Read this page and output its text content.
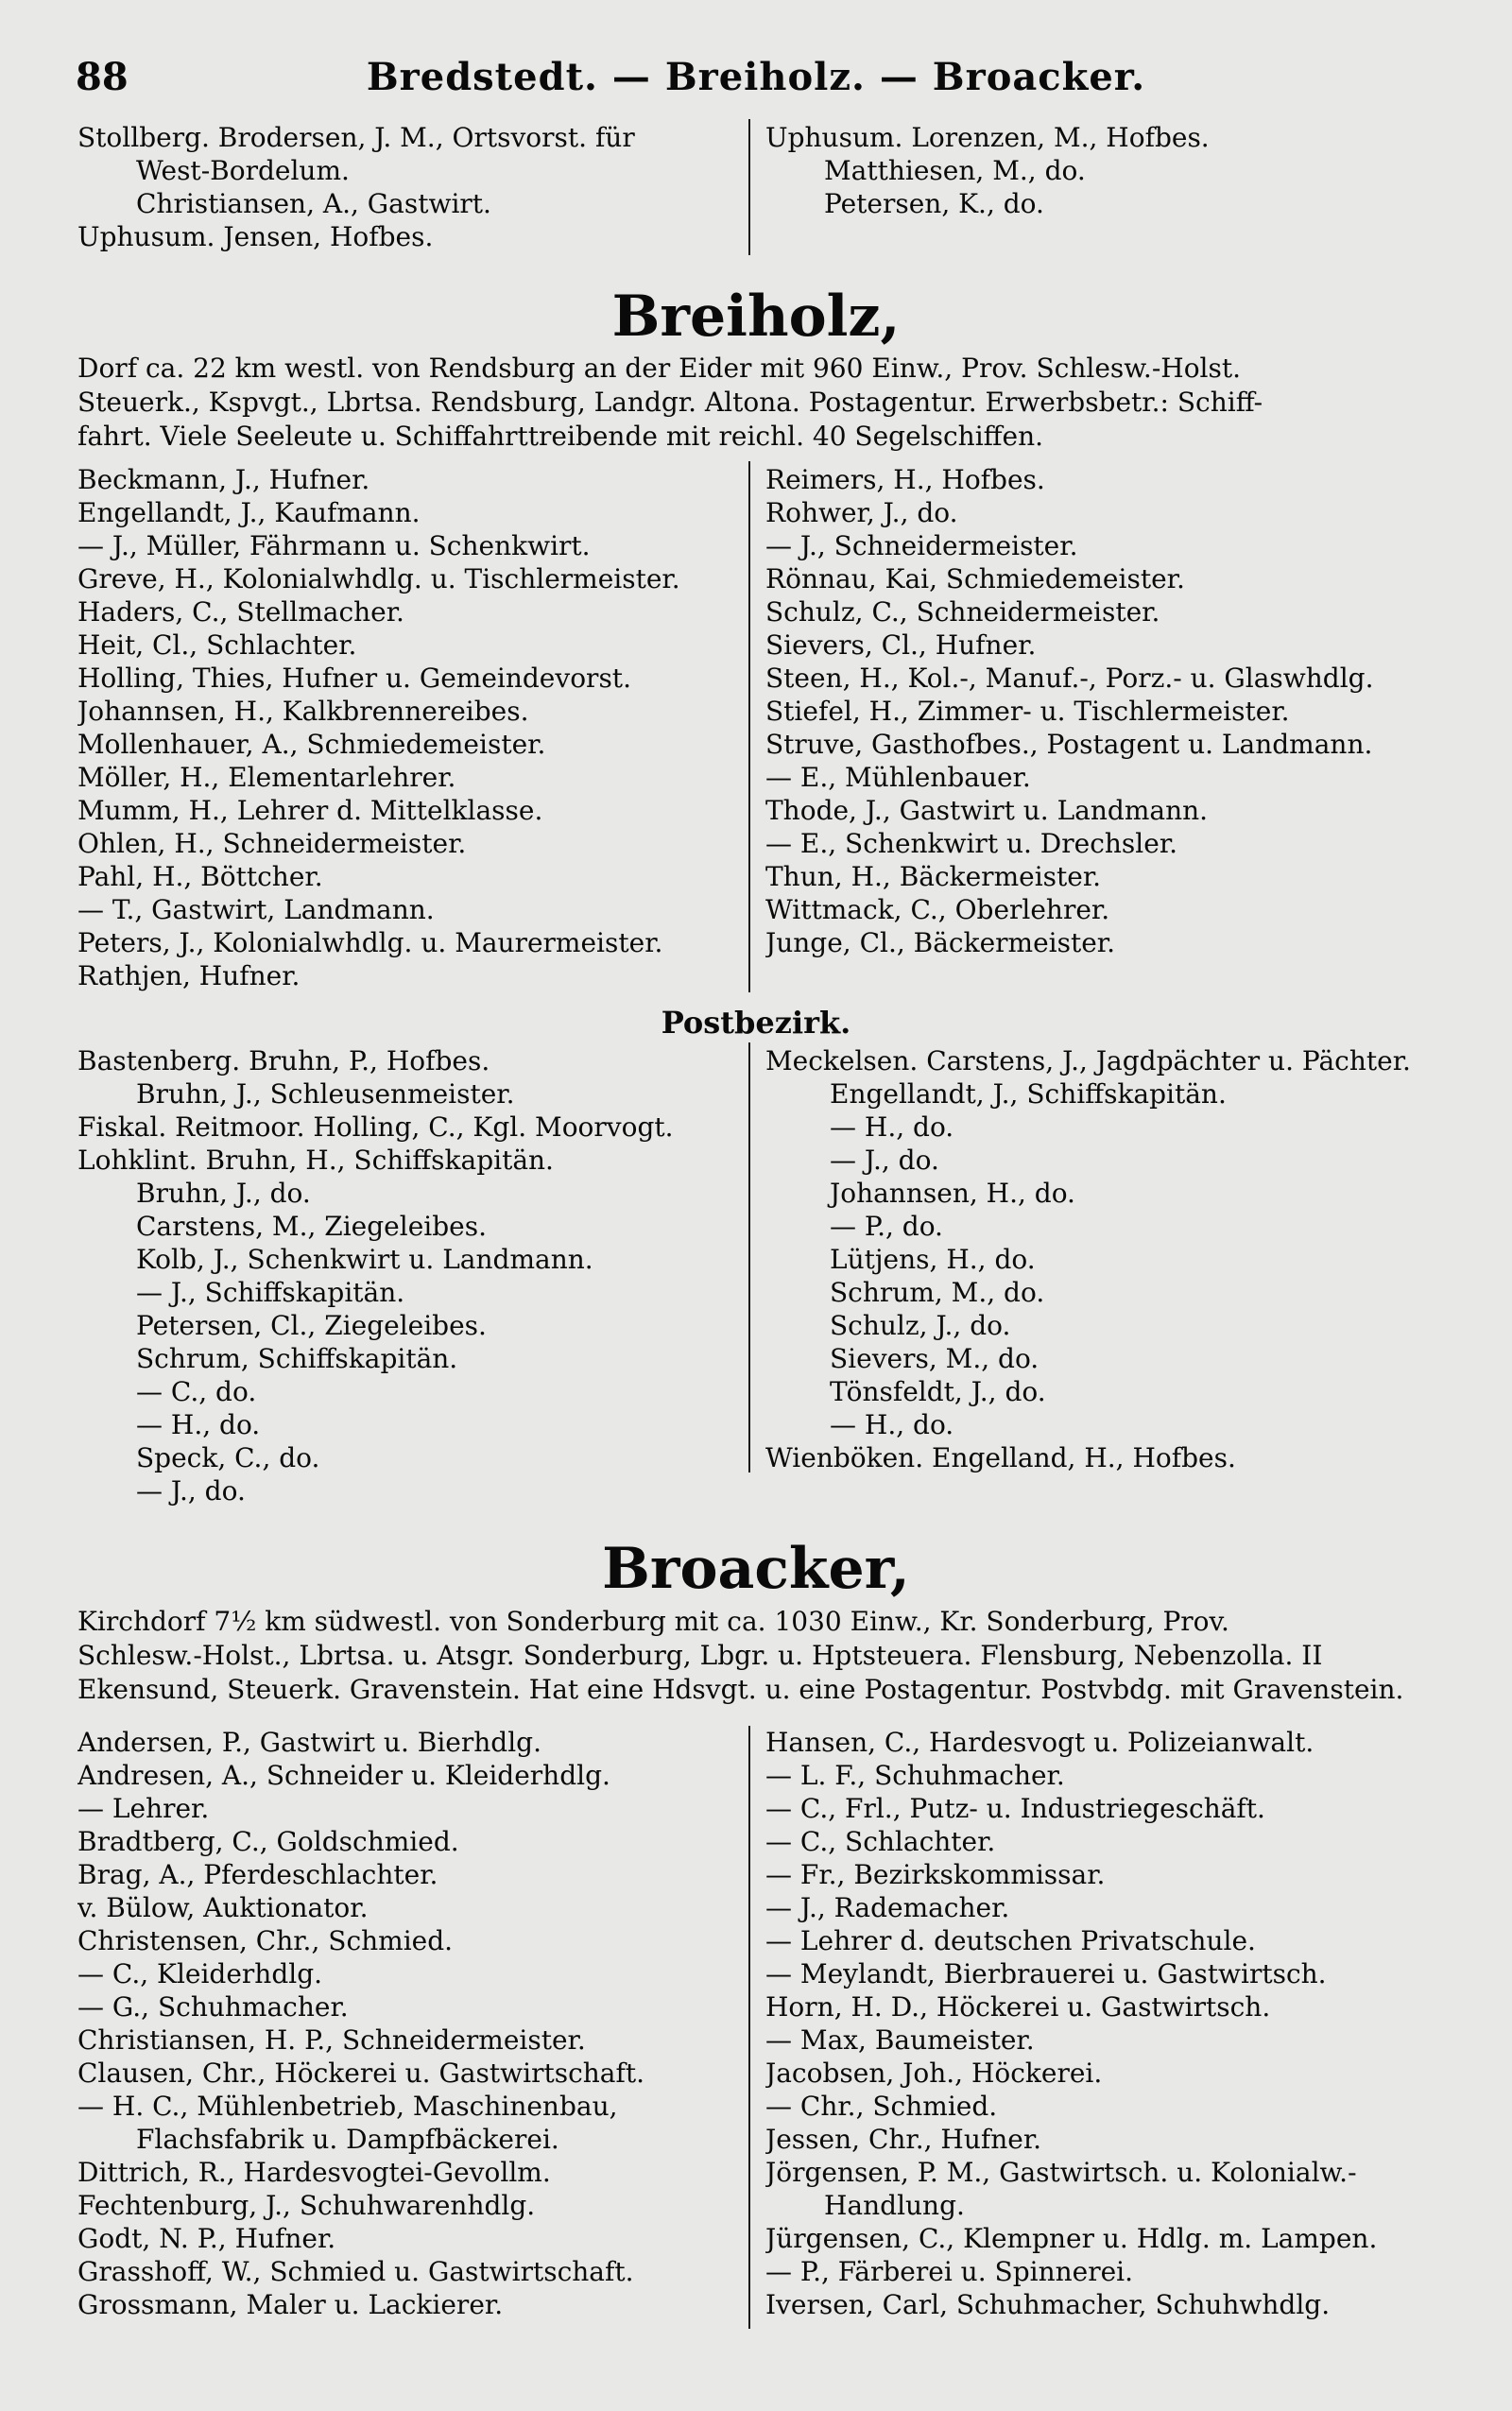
88	Bredstedt. — Breiholz. — Broacker.
Stollberg. Brodersen, J. M., Ortsvorst. für
West-Bordelum.
Christiansen, A., Gastwirt.
Uphusum. Jensen, Hofbes.
Uphusum. Lorenzen, M., Hofbes.
Matthiesen, M., do.
Petersen, K., do.
Breiholz,
Dorf ca. 22 km westl. von Rendsburg an der Eider mit 960 Einw., Prov. Schlesw.-Holst.
Steuerk., Kspvgt., Lbrtsa. Rendsburg, Landgr. Altona. Postagentur. Erwerbsbetr.: Schiff-
fahrt. Viele Seeleute u. Schiffahrttreibende mit reichl. 40 Segelschiffen.
Beckmann, J., Hufner.
Engellandt, J., Kaufmann.
— J., Müller, Fährmann u. Schenkwirt.
Greve, H., Kolonialwhdlg. u. Tischlermeister.
Haders, C., Stellmacher.
Heit, Cl., Schlachter.
Holling, Thies, Hufner u. Gemeindevorst.
Johannsen, H., Kalkbrennereibes.
Mollenhauer, A., Schmiedemeister.
Möller, H., Elementarlehrer.
Mumm, H., Lehrer d. Mittelklasse.
Ohlen, H., Schneidermeister.
Pahl, H., Böttcher.
— T., Gastwirt, Landmann.
Peters, J., Kolonialwhdlg. u. Maurermeister.
Rathjen, Hufner.
Reimers, H., Hofbes.
Rohwer, J., do.
— J., Schneidermeister.
Rönnau, Kai, Schmiedemeister.
Schulz, C., Schneidermeister.
Sievers, Cl., Hufner.
Steen, H., Kol.-, Manuf.-, Porz.- u. Glaswhdlg.
Stiefel, H., Zimmer- u. Tischlermeister.
Struve, Gasthofbes., Postagent u. Landmann.
— E., Mühlenbauer.
Thode, J., Gastwirt u. Landmann.
— E., Schenkwirt u. Drechsler.
Thun, H., Bäckermeister.
Wittmack, C., Oberlehrer.
Junge, Cl., Bäckermeister.
Postbezirk.
Bastenberg. Bruhn, P., Hofbes.
Bruhn, J., Schleusenmeister.
Fiskal. Reitmoor. Holling, C., Kgl. Moorvogt.
Lohklint. Bruhn, H., Schiffskapitän.
Bruhn, J., do.
Carstens, M., Ziegeleibes.
Kolb, J., Schenkwirt u. Landmann.
— J., Schiffskapitän.
Petersen, Cl., Ziegeleibes.
Schrum, Schiffskapitän.
— C., do.
— H., do.
Speck, C., do.
— J., do.
Meckelsen. Carstens, J., Jagdpächter u. Pächter.
Engellandt, J., Schiffskapitän.
— H., do.
— J., do.
Johannsen, H., do.
— P., do.
Lütjens, H., do.
Schrum, M., do.
Schulz, J., do.
Sievers, M., do.
Tönsfeldt, J., do.
— H., do.
Wienböken. Engelland, H., Hofbes.
Broacker,
Kirchdorf 7½ km südwestl. von Sonderburg mit ca. 1030 Einw., Kr. Sonderburg, Prov.
Schlesw.-Holst., Lbrtsa. u. Atsgr. Sonderburg, Lbgr. u. Hptsteuera. Flensburg, Nebenzolla. II
Ekensund, Steuerk. Gravenstein. Hat eine Hdsvgt. u. eine Postagentur. Postvbdg. mit Gravenstein.
Andersen, P., Gastwirt u. Bierhdlg.
Andresen, A., Schneider u. Kleiderhdlg.
— Lehrer.
Bradtberg, C., Goldschmied.
Brag, A., Pferdeschlachter.
v. Bülow, Auktionator.
Christensen, Chr., Schmied.
— C., Kleiderhdlg.
— G., Schuhmacher.
Christiansen, H. P., Schneidermeister.
Clausen, Chr., Höckerei u. Gastwirtschaft.
— H. C., Mühlenbetrieb, Maschinenbau,
Flachsfabrik u. Dampfbäckerei.
Dittrich, R., Hardesvogtei-Gevollm.
Fechtenburg, J., Schuhwarenhdlg.
Godt, N. P., Hufner.
Grasshoff, W., Schmied u. Gastwirtschaft.
Grossmann, Maler u. Lackierer.
Hansen, C., Hardesvogt u. Polizeianwalt.
— L. F., Schuhmacher.
— C., Frl., Putz- u. Industriegeschäft.
— C., Schlachter.
— Fr., Bezirkskommissar.
— J., Rademacher.
— Lehrer d. deutschen Privatschule.
— Meylandt, Bierbrauerei u. Gastwirtsch.
Horn, H. D., Höckerei u. Gastwirtsch.
— Max, Baumeister.
Jacobsen, Joh., Höckerei.
— Chr., Schmied.
Jessen, Chr., Hufner.
Jörgensen, P. M., Gastwirtsch. u. Kolonialw.-
Handlung.
Jürgensen, C., Klempner u. Hdlg. m. Lampen.
— P., Färberei u. Spinnerei.
Iversen, Carl, Schuhmacher, Schuhwhdlg.
